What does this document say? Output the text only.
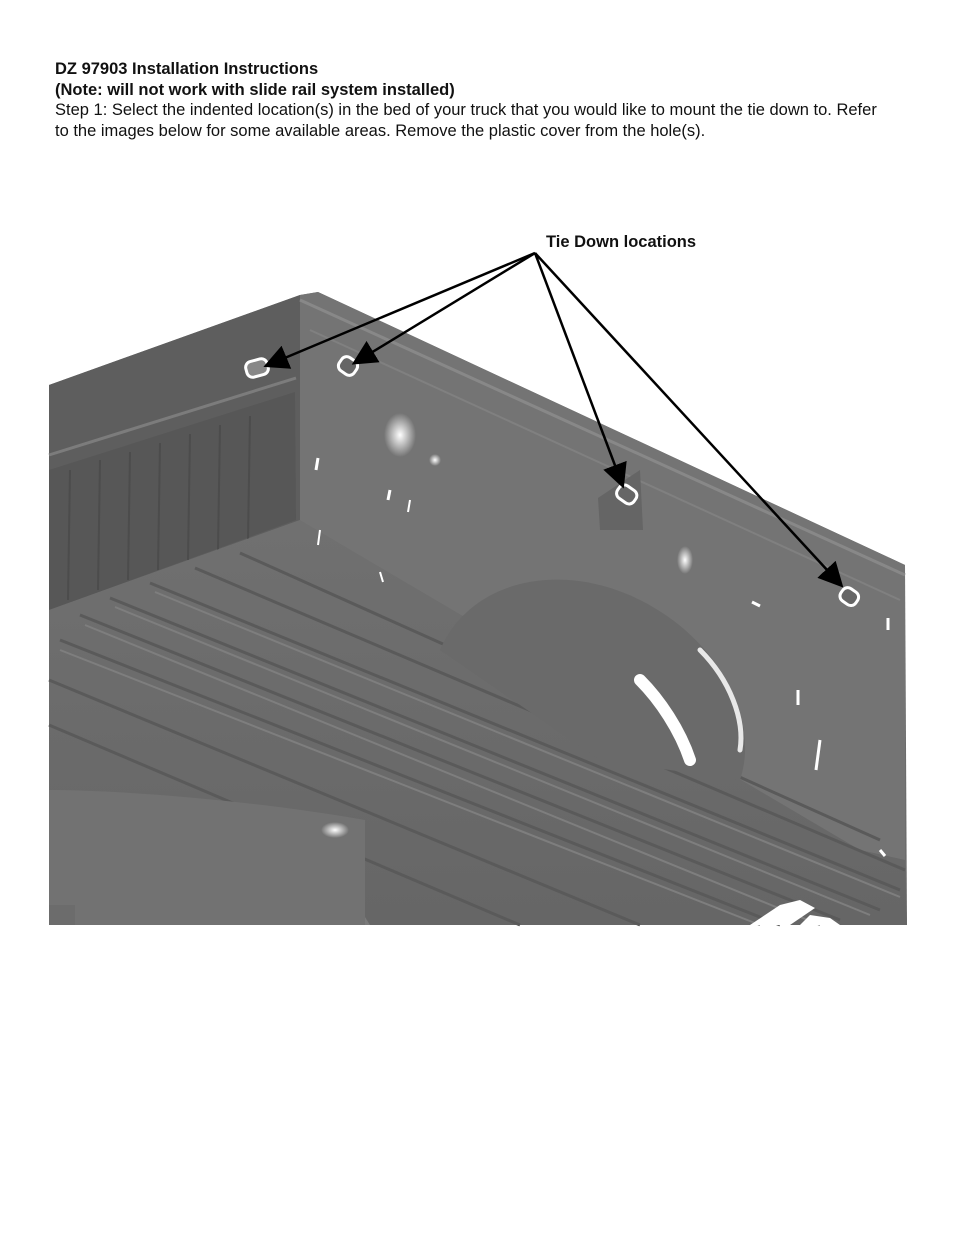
DZ 97903 Installation Instructions
(Note: will not work with slide rail system installed)
Step 1: Select the indented location(s) in the bed of your truck that you would like to mount the tie down to. Refer to the images below for some available areas. Remove the plastic cover from the hole(s).
Tie Down locations
